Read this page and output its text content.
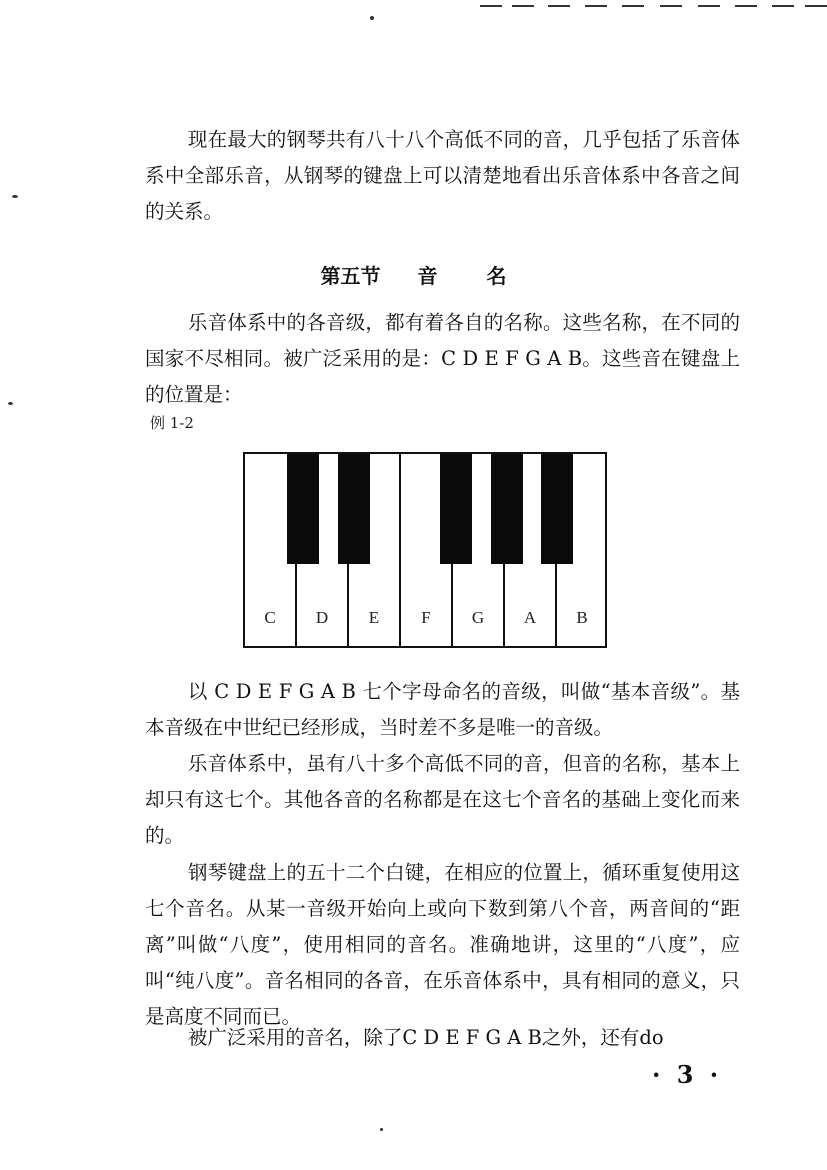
现在最大的钢琴共有八十八个高低不同的音，几乎包括了乐音体系中全部乐音，从钢琴的键盘上可以清楚地看出乐音体系中各音之间的关系。

第五节 音 名

乐音体系中的各音级，都有着各自的名称。这些名称，在不同的国家不尽相同。被广泛采用的是：C D E F G A B。这些音在键盘上的位置是：

例 1-2
C	D	E	F	G	A	B

以 C D E F G A B 七个字母命名的音级，叫做“基本音级”。基本音级在中世纪已经形成，当时差不多是唯一的音级。

乐音体系中，虽有八十多个高低不同的音，但音的名称，基本上却只有这七个。其他各音的名称都是在这七个音名的基础上变化而来的。

钢琴键盘上的五十二个白键，在相应的位置上，循环重复使用这七个音名。从某一音级开始向上或向下数到第八个音，两音间的“距离”叫做“八度”，使用相同的音名。准确地讲，这里的“八度”，应叫“纯八度”。音名相同的各音，在乐音体系中，具有相同的意义，只是高度不同而已。

被广泛采用的音名，除了C D E F G A B之外，还有do

· 3 ·
